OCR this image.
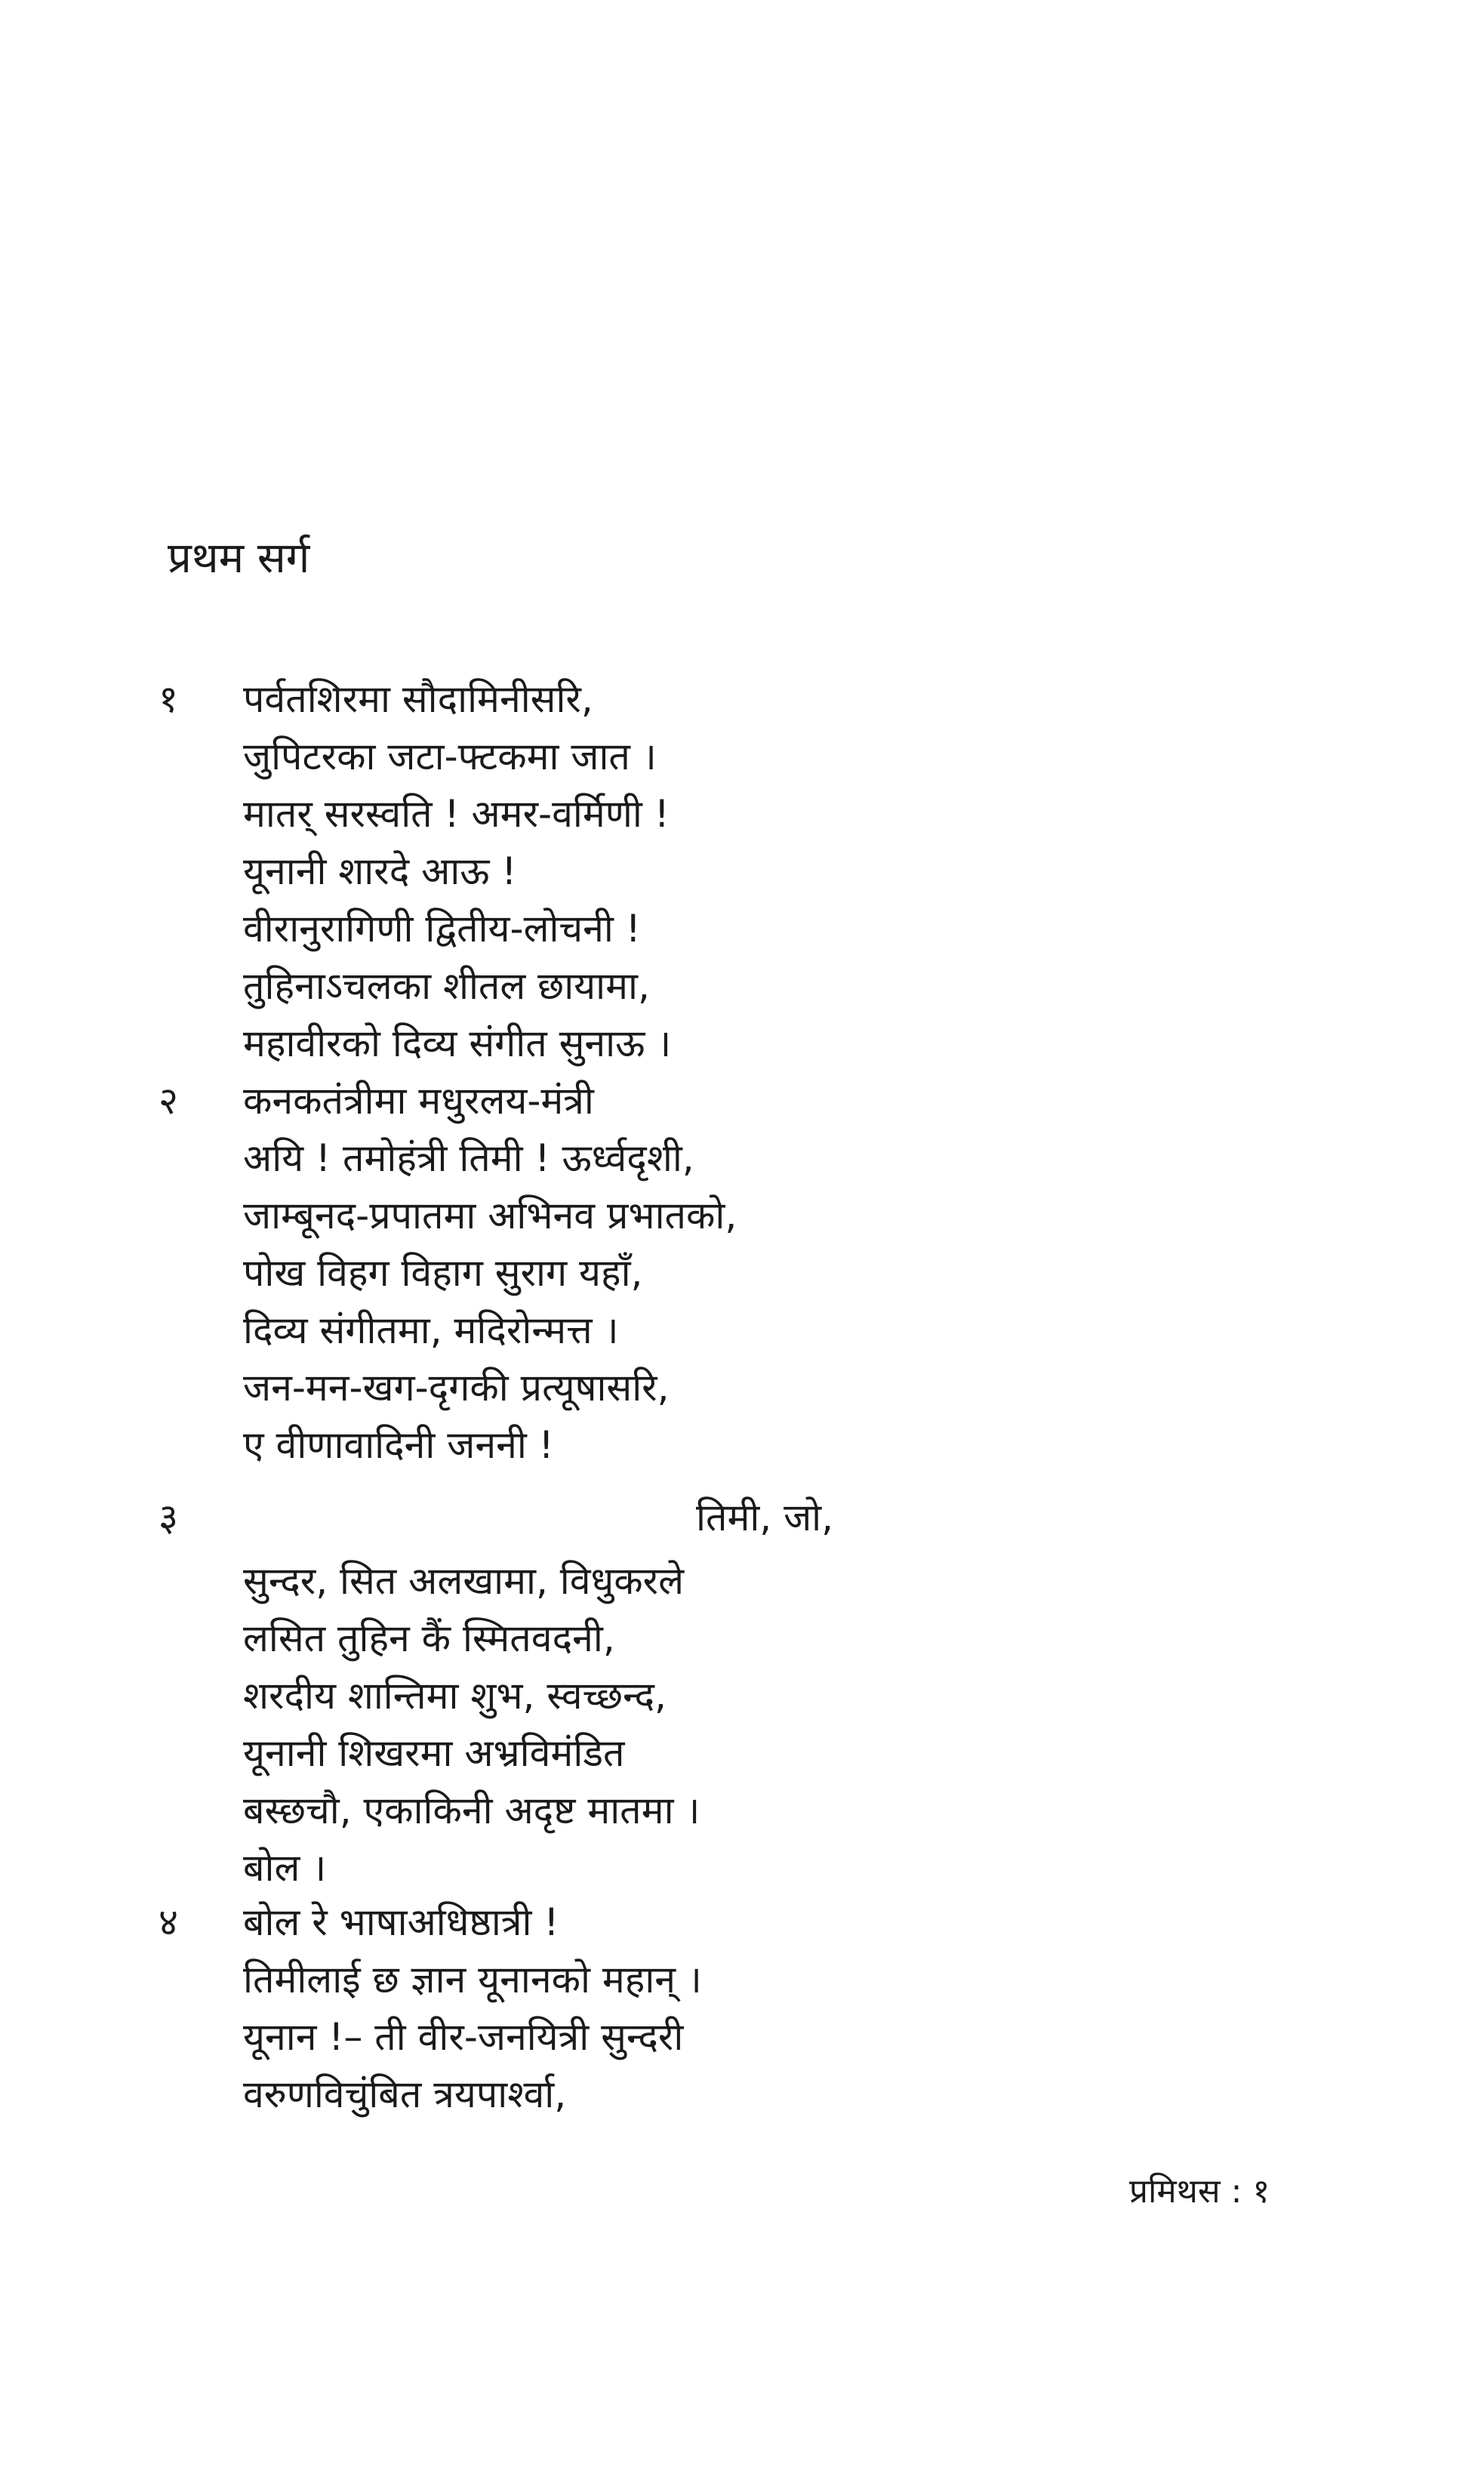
प्रथम सर्ग
१ पर्वतशिरमा सौदामिनीसरि,
जुपिटरका जटा-फ्टकमा जात ।
मातर् सरस्वति ! अमर-वर्मिणी !
यूनानी शारदे आऊ !
वीरानुरागिणी द्वितीय-लोचनी !
तुहिनाऽचलका शीतल छायामा,
महावीरको दिव्य संगीत सुनाऊ ।
२ कनकतंत्रीमा मधुरलय-मंत्री
अयि ! तमोहंत्री तिमी ! ऊर्ध्वदृशी,
जाम्बूनद-प्रपातमा अभिनव प्रभातको,
पोख विहग विहाग सुराग यहाँ,
दिव्य संगीतमा, मदिरोन्मत्त ।
जन-मन-खग-दृगकी प्रत्यूषासरि,
ए वीणावादिनी जननी !
३	तिमी, जो,
सुन्दर, सित अलखामा, विधुकरले
लसित तुहिन कैं स्मितवदनी,
शरदीय शान्तिमा शुभ, स्वच्छन्द,
यूनानी शिखरमा अभ्रविमंडित
बस्छचौ, एकाकिनी अदृष्ट मातमा ।
बोल ।
४ बोल रे भाषाअधिष्ठात्री !
तिमीलाई छ ज्ञान यूनानको महान् ।
यूनान !– ती वीर-जनयित्री सुन्दरी
वरुणविचुंबित त्रयपार्श्वा,
प्रमिथस : १
